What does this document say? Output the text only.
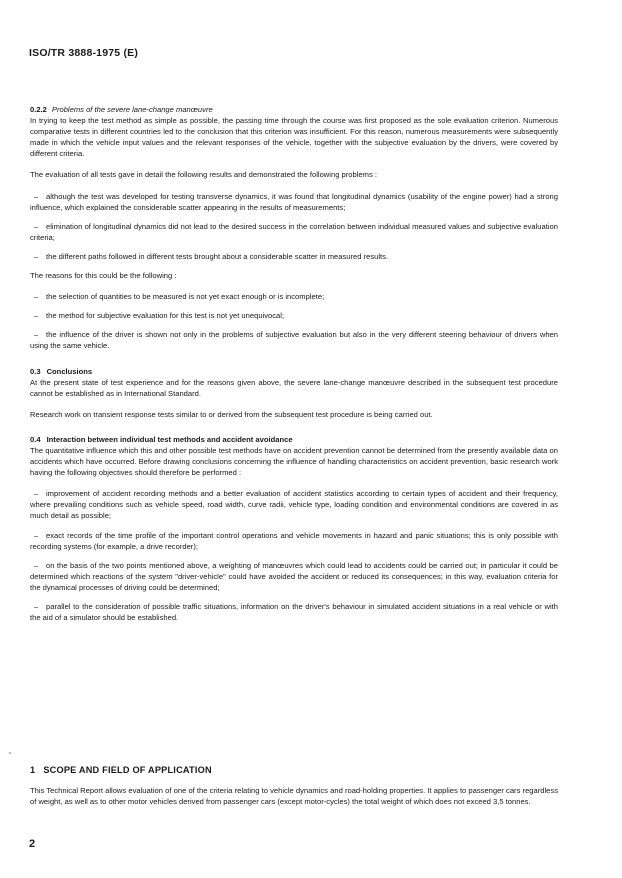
ISO/TR 3888-1975 (E)

0.2.2 Problems of the severe lane-change manœuvre

In trying to keep the test method as simple as possible, the passing time through the course was first proposed as the sole evaluation criterion. Numerous comparative tests in different countries led to the conclusion that this criterion was insufficient. For this reason, numerous measurements were subsequently made in which the vehicle input values and the relevant responses of the vehicle, together with the subjective evaluation by the drivers, were covered by different criteria.

The evaluation of all tests gave in detail the following results and demonstrated the following problems :

– although the test was developed for testing transverse dynamics, it was found that longitudinal dynamics (usability of the engine power) had a strong influence, which explained the considerable scatter appearing in the results of measurements;

– elimination of longitudinal dynamics did not lead to the desired success in the correlation between individual measured values and subjective evaluation criteria;

– the different paths followed in different tests brought about a considerable scatter in measured results.

The reasons for this could be the following :

– the selection of quantities to be measured is not yet exact enough or is incomplete;

– the method for subjective evaluation for this test is not yet unequivocal;

– the influence of the driver is shown not only in the problems of subjective evaluation but also in the very different steering behaviour of drivers when using the same vehicle.

0.3 Conclusions

At the present state of test experience and for the reasons given above, the severe lane-change manœuvre described in the subsequent test procedure cannot be established as in International Standard.

Research work on transient response tests similar to or derived from the subsequent test procedure is being carried out.

0.4 Interaction between individual test methods and accident avoidance

The quantitative influence which this and other possible test methods have on accident prevention cannot be determined from the presently available data on accidents which have occurred. Before drawing conclusions concerning the influence of handling characteristics on accident prevention, basic research work having the following objectives should therefore be performed :

– improvement of accident recording methods and a better evaluation of accident statistics according to certain types of accident and their frequency, where prevailing conditions such as vehicle speed, road width, curve radii, vehicle type, loading condition and environmental conditions are covered in as much detail as possible;

– exact records of the time profile of the important control operations and vehicle movements in hazard and panic situations; this is only possible with recording systems (for example, a drive recorder);

– on the basis of the two points mentioned above, a weighting of manœuvres which could lead to accidents could be carried out; in particular it could be determined which reactions of the system "driver-vehicle" could have avoided the accident or reduced its consequences; in this way, evaluation criteria for the dynamical processes of driving could be determined;

– parallel to the consideration of possible traffic situations, information on the driver's behaviour in simulated accident situations in a real vehicle or with the aid of a simulator should be established.

1 SCOPE AND FIELD OF APPLICATION

This Technical Report allows evaluation of one of the criteria relating to vehicle dynamics and road-holding properties. It applies to passenger cars regardless of weight, as well as to other motor vehicles derived from passenger cars (except motor-cycles) the total weight of which does not exceed 3,5 tonnes.

2
